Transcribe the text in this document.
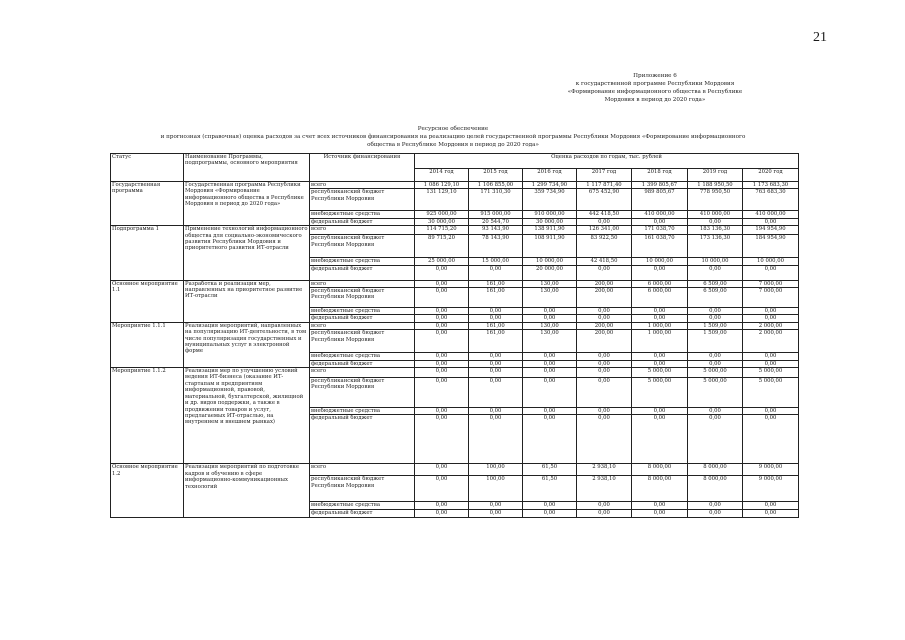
21
Приложение 6
к государственной программе Республики Мордовия
«Формирование информационного общества в Республике
Мордовия в период до 2020 года»
Ресурсное обеспечение
и прогнозная (справочная) оценка расходов за счет всех источников финансирования на реализацию целей государственной программы Республики Мордовия «Формирование информационного
общества в Республике Мордовия в период до 2020 года»
Статус	Наименование Программы, подпрограммы, основного мероприятия	Источник финансирования	Оценка расходов по годам, тыс. рублей						
			2014 год	2015 год	2016 год	2017 год	2018 год	2019 год	2020 год
Государственная программа	Государственная программа Республики Мордовия «Формирование информационного общества в Республике Мордовия в период до 2020 года»	всего	1 086 129,10	1 106 855,00	1 299 734,90	1 117 871,40	1 399 805,67	1 188 950,50	1 173 683,30
		республиканский бюджет Республики Мордовия	131 129,10	171 310,30	359 734,90	675 452,90	989 805,67	778 950,50	763 683,30
		внебюджетные средства	925 000,00	915 000,00	910 000,00	442 418,50	410 000,00	410 000,00	410 000,00
		федеральный бюджет	30 000,00	20 544,70	30 000,00	0,00	0,00	0,00	0,00
Подпрограмма 1	Применение технологий информационного общества для социально-экономического развития Республики Мордовия и приоритетного развития ИТ-отрасли	всего	114 715,20	93 143,90	138 911,90	126 341,00	171 038,70	183 136,30	194 954,90
		республиканский бюджет Республики Мордовия	89 715,20	78 143,90	108 911,90	83 922,50	161 038,70	173 136,30	184 954,90
		внебюджетные средства	25 000,00	15 000,00	10 000,00	42 418,50	10 000,00	10 000,00	10 000,00
		федеральный бюджет	0,00	0,00	20 000,00	0,00	0,00	0,00	0,00
Основное мероприятие 1.1	Разработка и реализация мер, направленных на приоритетное развитие ИТ-отрасли	всего	0,00	161,00	130,00	200,00	6 000,00	6 509,00	7 000,00
		республиканский бюджет Республики Мордовия	0,00	161,00	130,00	200,00	6 000,00	6 509,00	7 000,00
		внебюджетные средства	0,00	0,00	0,00	0,00	0,00	0,00	0,00
		федеральный бюджет	0,00	0,00	0,00	0,00	0,00	0,00	0,00
Мероприятие 1.1.1	Реализация мероприятий, направленных на популяризацию ИТ-деятельности, в том числе популяризация государственных и муниципальных услуг в электронной форме	всего	0,00	161,00	130,00	200,00	1 000,00	1 509,00	2 000,00
		республиканский бюджет Республики Мордовия	0,00	161,00	130,00	200,00	1 000,00	1 509,00	2 000,00
		внебюджетные средства	0,00	0,00	0,00	0,00	0,00	0,00	0,00
		федеральный бюджет	0,00	0,00	0,00	0,00	0,00	0,00	0,00
Мероприятие 1.1.2	Реализация мер по улучшению условий ведения ИТ-бизнеса (оказание ИТ-стартапам и предприятиям информационной, правовой, материальной, бухгалтерской, жилищной и др. видов поддержки, а также в продвижении товаров и услуг, предлагаемых ИТ-отраслью, на внутреннем и внешнем рынках)	всего	0,00	0,00	0,00	0,00	5 000,00	5 000,00	5 000,00
		республиканский бюджет Республики Мордовия	0,00	0,00	0,00	0,00	5 000,00	5 000,00	5 000,00
		внебюджетные средства	0,00	0,00	0,00	0,00	0,00	0,00	0,00
		федеральный бюджет	0,00	0,00	0,00	0,00	0,00	0,00	0,00
Основное мероприятие 1.2	Реализация мероприятий по подготовке кадров и обучению в сфере информационно-коммуникационных технологий	всего	0,00	100,00	61,50	2 938,10	8 000,00	8 000,00	9 000,00
		республиканский бюджет Республики Мордовия	0,00	100,00	61,50	2 938,10	8 000,00	8 000,00	9 000,00
		внебюджетные средства	0,00	0,00	0,00	0,00	0,00	0,00	0,00
		федеральный бюджет	0,00	0,00	0,00	0,00	0,00	0,00	0,00
